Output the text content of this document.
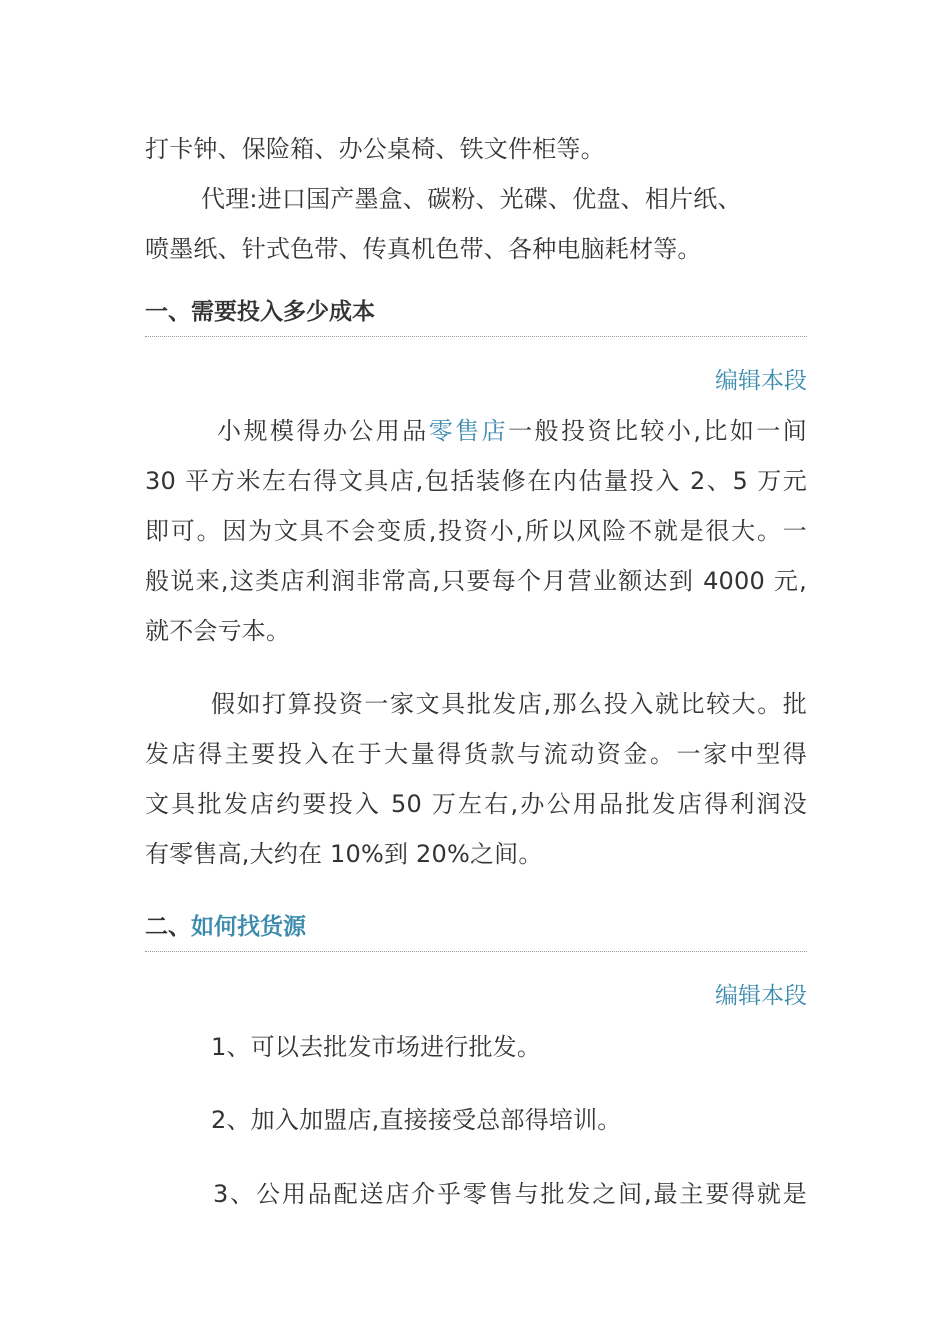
打卡钟、保险箱、办公桌椅、铁文件柜等。
代理:进口国产墨盒、碳粉、光碟、优盘、相片纸、
喷墨纸、针式色带、传真机色带、各种电脑耗材等。
一、需要投入多少成本
编辑本段
小规模得办公用品零售店一般投资比较小,比如一间
30 平方米左右得文具店,包括装修在内估量投入 2、5 万元
即可。因为文具不会变质,投资小,所以风险不就是很大。一
般说来,这类店利润非常高,只要每个月营业额达到 4000 元,
就不会亏本。
假如打算投资一家文具批发店,那么投入就比较大。批
发店得主要投入在于大量得货款与流动资金。一家中型得
文具批发店约要投入 50 万左右,办公用品批发店得利润没
有零售高,大约在 10%到 20%之间。
二、如何找货源
编辑本段
1、可以去批发市场进行批发。
2、加入加盟店,直接接受总部得培训。
3、公用品配送店介乎零售与批发之间,最主要得就是
